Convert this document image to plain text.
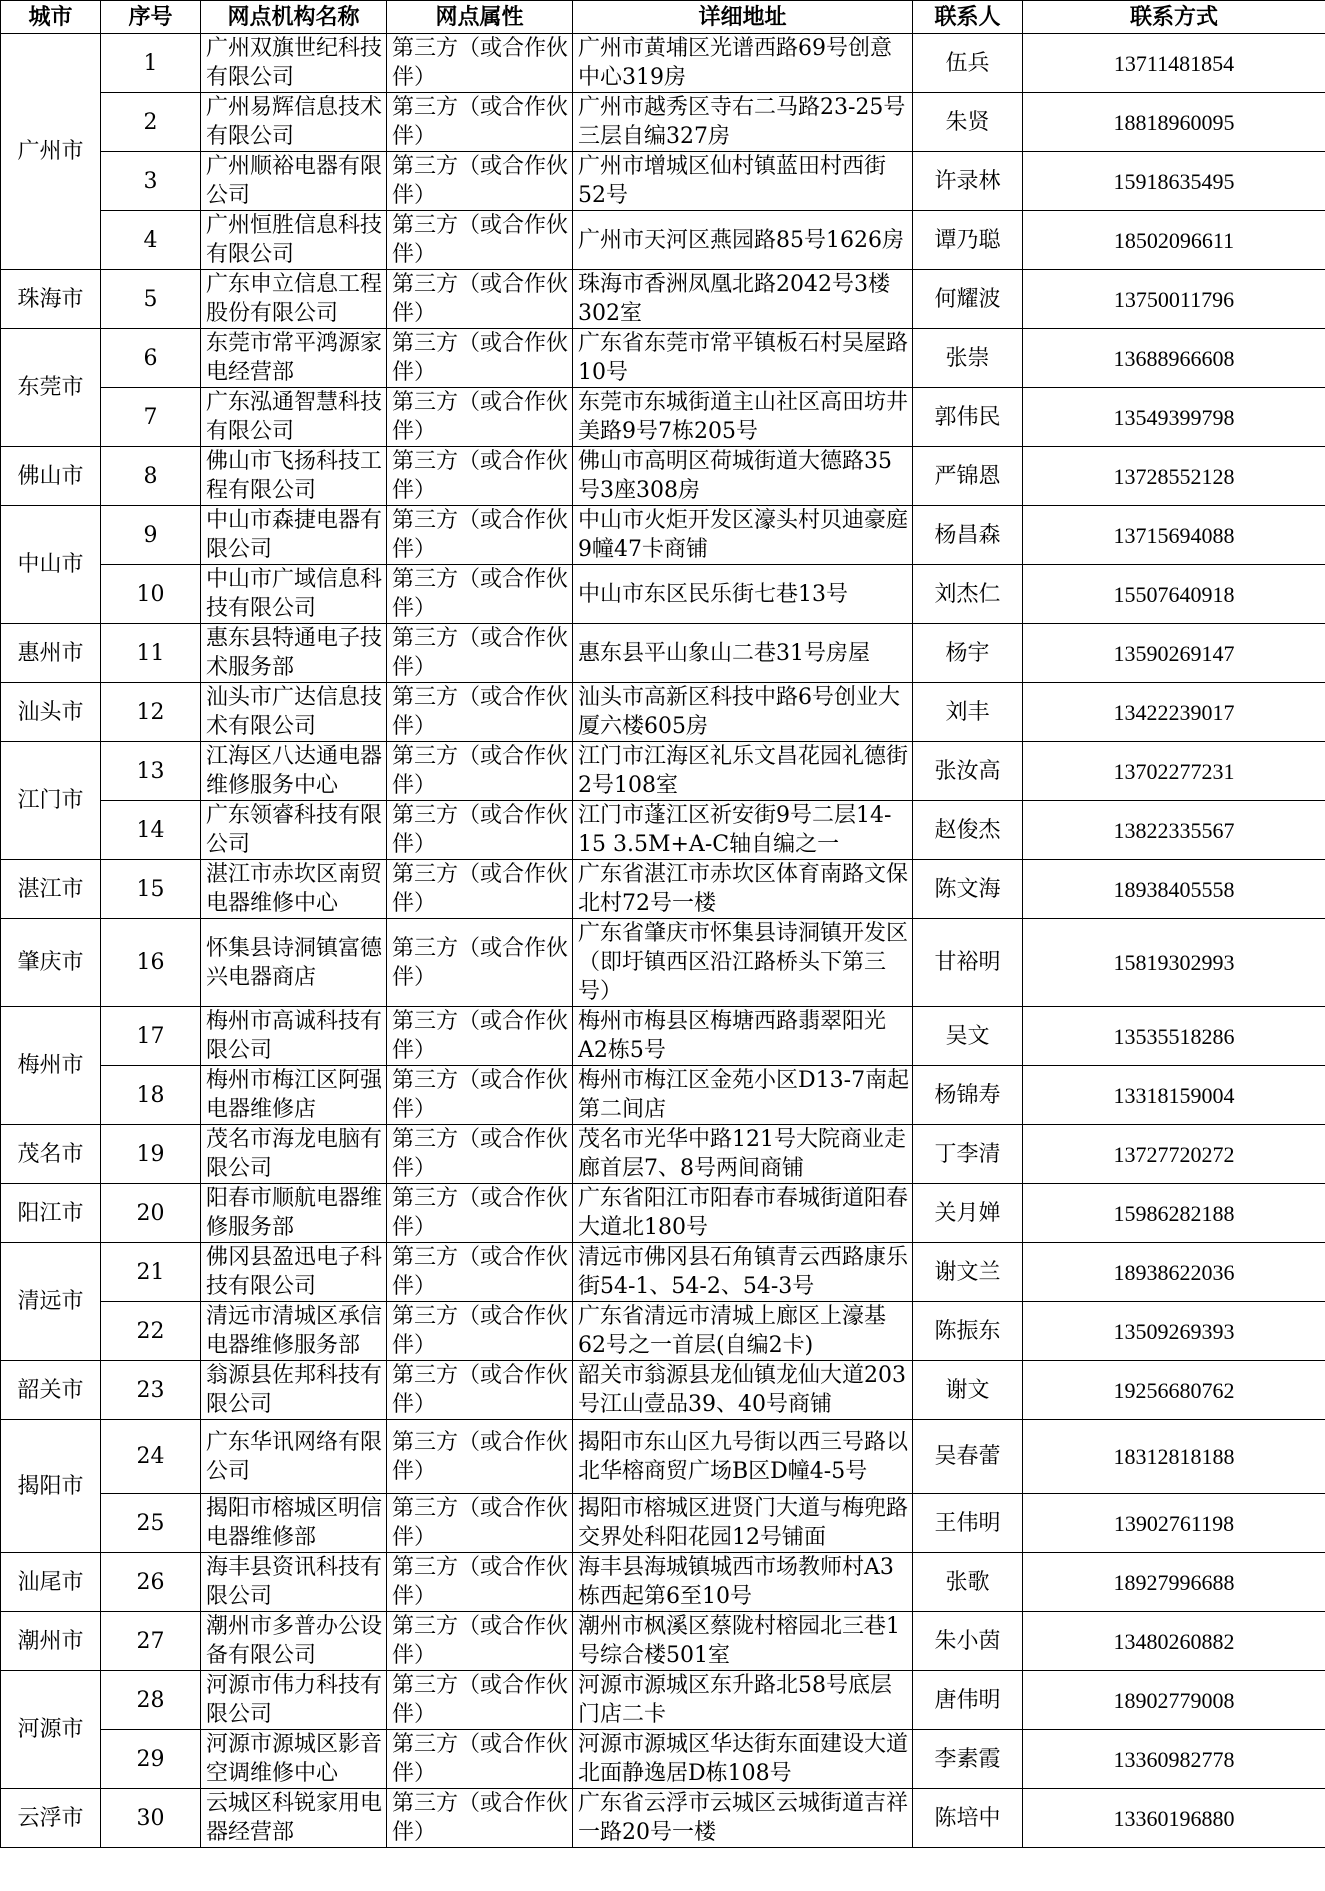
城市	序号	网点机构名称	网点属性	详细地址	联系人	联系方式
广州市	1	广州双旗世纪科技有限公司	第三方（或合作伙伴）	广州市黄埔区光谱西路69号创意中心319房	伍兵	13711481854
	2	广州易辉信息技术有限公司	第三方（或合作伙伴）	广州市越秀区寺右二马路23-25号三层自编327房	朱贤	18818960095
	3	广州顺裕电器有限公司	第三方（或合作伙伴）	广州市增城区仙村镇蓝田村西街52号	许录林	15918635495
	4	广州恒胜信息科技有限公司	第三方（或合作伙伴）	广州市天河区燕园路85号1626房	谭乃聪	18502096611
珠海市	5	广东申立信息工程股份有限公司	第三方（或合作伙伴）	珠海市香洲凤凰北路2042号3楼302室	何耀波	13750011796
东莞市	6	东莞市常平鸿源家电经营部	第三方（或合作伙伴）	广东省东莞市常平镇板石村吴屋路10号	张崇	13688966608
	7	广东泓通智慧科技有限公司	第三方（或合作伙伴）	东莞市东城街道主山社区高田坊井美路9号7栋205号	郭伟民	13549399798
佛山市	8	佛山市飞扬科技工程有限公司	第三方（或合作伙伴）	佛山市高明区荷城街道大德路35号3座308房	严锦恩	13728552128
中山市	9	中山市森捷电器有限公司	第三方（或合作伙伴）	中山市火炬开发区濠头村贝迪豪庭9幢47卡商铺	杨昌森	13715694088
	10	中山市广域信息科技有限公司	第三方（或合作伙伴）	中山市东区民乐街七巷13号	刘杰仁	15507640918
惠州市	11	惠东县特通电子技术服务部	第三方（或合作伙伴）	惠东县平山象山二巷31号房屋	杨宇	13590269147
汕头市	12	汕头市广达信息技术有限公司	第三方（或合作伙伴）	汕头市高新区科技中路6号创业大厦六楼605房	刘丰	13422239017
江门市	13	江海区八达通电器维修服务中心	第三方（或合作伙伴）	江门市江海区礼乐文昌花园礼德街2号108室	张汝高	13702277231
	14	广东领睿科技有限公司	第三方（或合作伙伴）	江门市蓬江区祈安街9号二层14-15 3.5M+A-C轴自编之一	赵俊杰	13822335567
湛江市	15	湛江市赤坎区南贸电器维修中心	第三方（或合作伙伴）	广东省湛江市赤坎区体育南路文保北村72号一楼	陈文海	18938405558
肇庆市	16	怀集县诗洞镇富德兴电器商店	第三方（或合作伙伴）	广东省肇庆市怀集县诗洞镇开发区（即圩镇西区沿江路桥头下第三号）	甘裕明	15819302993
梅州市	17	梅州市高诚科技有限公司	第三方（或合作伙伴）	梅州市梅县区梅塘西路翡翠阳光A2栋5号	吴文	13535518286
	18	梅州市梅江区阿强电器维修店	第三方（或合作伙伴）	梅州市梅江区金苑小区D13-7南起第二间店	杨锦寿	13318159004
茂名市	19	茂名市海龙电脑有限公司	第三方（或合作伙伴）	茂名市光华中路121号大院商业走廊首层7、8号两间商铺	丁李清	13727720272
阳江市	20	阳春市顺航电器维修服务部	第三方（或合作伙伴）	广东省阳江市阳春市春城街道阳春大道北180号	关月婵	15986282188
清远市	21	佛冈县盈迅电子科技有限公司	第三方（或合作伙伴）	清远市佛冈县石角镇青云西路康乐街54-1、54-2、54-3号	谢文兰	18938622036
	22	清远市清城区承信电器维修服务部	第三方（或合作伙伴）	广东省清远市清城上廊区上濠基62号之一首层(自编2卡)	陈振东	13509269393
韶关市	23	翁源县佐邦科技有限公司	第三方（或合作伙伴）	韶关市翁源县龙仙镇龙仙大道203号江山壹品39、40号商铺	谢文	19256680762
揭阳市	24	广东华讯网络有限公司	第三方（或合作伙伴）	揭阳市东山区九号街以西三号路以北华榕商贸广场B区D幢4-5号	吴春蕾	18312818188
	25	揭阳市榕城区明信电器维修部	第三方（或合作伙伴）	揭阳市榕城区进贤门大道与梅兜路交界处科阳花园12号铺面	王伟明	13902761198
汕尾市	26	海丰县资讯科技有限公司	第三方（或合作伙伴）	海丰县海城镇城西市场教师村A3栋西起第6至10号	张歌	18927996688
潮州市	27	潮州市多普办公设备有限公司	第三方（或合作伙伴）	潮州市枫溪区蔡陇村榕园北三巷1号综合楼501室	朱小茵	13480260882
河源市	28	河源市伟力科技有限公司	第三方（或合作伙伴）	河源市源城区东升路北58号底层门店二卡	唐伟明	18902779008
	29	河源市源城区影音空调维修中心	第三方（或合作伙伴）	河源市源城区华达街东面建设大道北面静逸居D栋108号	李素霞	13360982778
云浮市	30	云城区科锐家用电器经营部	第三方（或合作伙伴）	广东省云浮市云城区云城街道吉祥一路20号一楼	陈培中	13360196880
